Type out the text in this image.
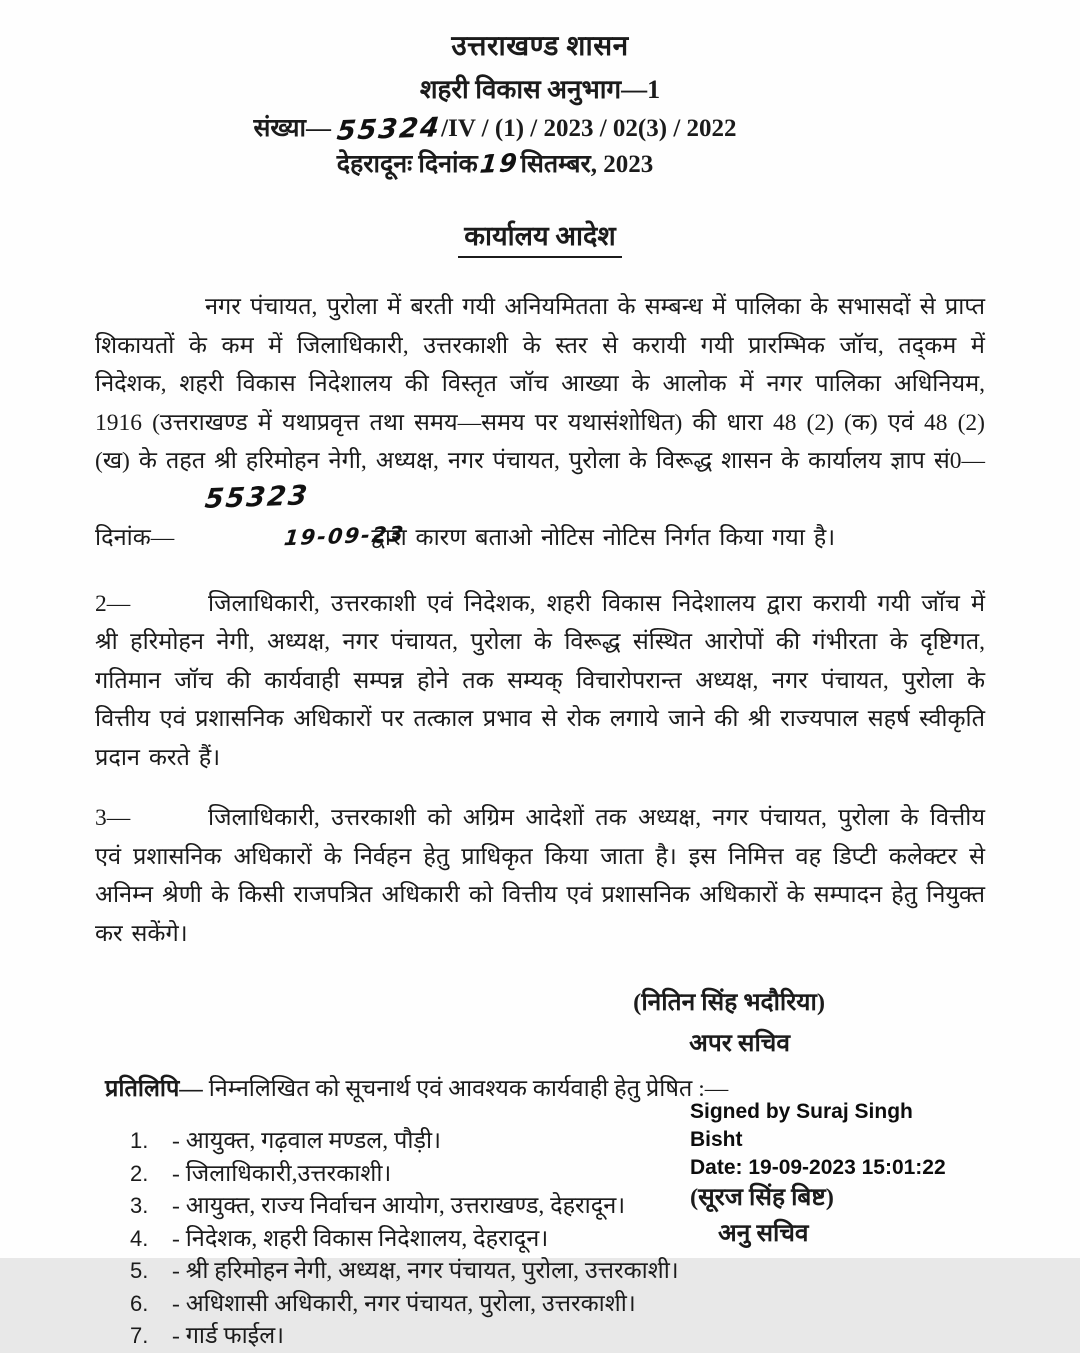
उत्तराखण्ड शासन
शहरी विकास अनुभाग—1
संख्या— 55324/IV / (1) / 2023 / 02(3) / 2022
देहरादूनः दिनांक19सितम्बर, 2023
कार्यालय आदेश

नगर पंचायत, पुरोला में बरती गयी अनियमितता के सम्बन्ध में पालिका के सभासदों से प्राप्त शिकायतों के कम में जिलाधिकारी, उत्तरकाशी के स्तर से करायी गयी प्रारम्भिक जॉच, तद्कम में निदेशक, शहरी विकास निदेशालय की विस्तृत जॉच आख्या के आलोक में नगर पालिका अधिनियम, 1916 (उत्तराखण्ड में यथाप्रवृत्त तथा समय—समय पर यथासंशोधित) की धारा 48 (2) (क) एवं 48 (2) (ख) के तहत श्री हरिमोहन नेगी, अध्यक्ष, नगर पंचायत, पुरोला के विरूद्ध शासन के कार्यालय ज्ञाप सं0—55323
दिनांक—	19-09-23द्वारा कारण बताओ नोटिस नोटिस निर्गत किया गया है।

2—	जिलाधिकारी, उत्तरकाशी एवं निदेशक, शहरी विकास निदेशालय द्वारा करायी गयी जॉच में श्री हरिमोहन नेगी, अध्यक्ष, नगर पंचायत, पुरोला के विरूद्ध संस्थित आरोपों की गंभीरता के दृष्टिगत, गतिमान जॉच की कार्यवाही सम्पन्न होने तक सम्यक् विचारोपरान्त अध्यक्ष, नगर पंचायत, पुरोला के वित्तीय एवं प्रशासनिक अधिकारों पर तत्काल प्रभाव से रोक लगाये जाने की श्री राज्यपाल सहर्ष स्वीकृति प्रदान करते हैं।

3—	जिलाधिकारी, उत्तरकाशी को अग्रिम आदेशों तक अध्यक्ष, नगर पंचायत, पुरोला के वित्तीय एवं प्रशासनिक अधिकारों के निर्वहन हेतु प्राधिकृत किया जाता है। इस निमित्त वह डिप्टी कलेक्टर से अनिम्न श्रेणी के किसी राजपत्रित अधिकारी को वित्तीय एवं प्रशासनिक अधिकारों के सम्पादन हेतु नियुक्त कर सकेंगे।

(नितिन सिंह भदौरिया)
अपर सचिव
प्रतिलिपि— निम्नलिखित को सूचनार्थ एवं आवश्यक कार्यवाही हेतु प्रेषित :—
1.	- आयुक्त, गढ़वाल मण्डल, पौड़ी।
2.	- जिलाधिकारी,उत्तरकाशी।
3.	- आयुक्त, राज्य निर्वाचन आयोग, उत्तराखण्ड, देहरादून।
4.	- निदेशक, शहरी विकास निदेशालय, देहरादून।
5.	- श्री हरिमोहन नेगी, अध्यक्ष, नगर पंचायत, पुरोला, उत्तरकाशी।
6.	- अधिशासी अधिकारी, नगर पंचायत, पुरोला, उत्तरकाशी।
7.	- गार्ड फाईल।
Signed by Suraj Singh
Bisht
Date: 19-09-2023 15:01:22
(सूरज सिंह बिष्ट)
अनु सचिव
